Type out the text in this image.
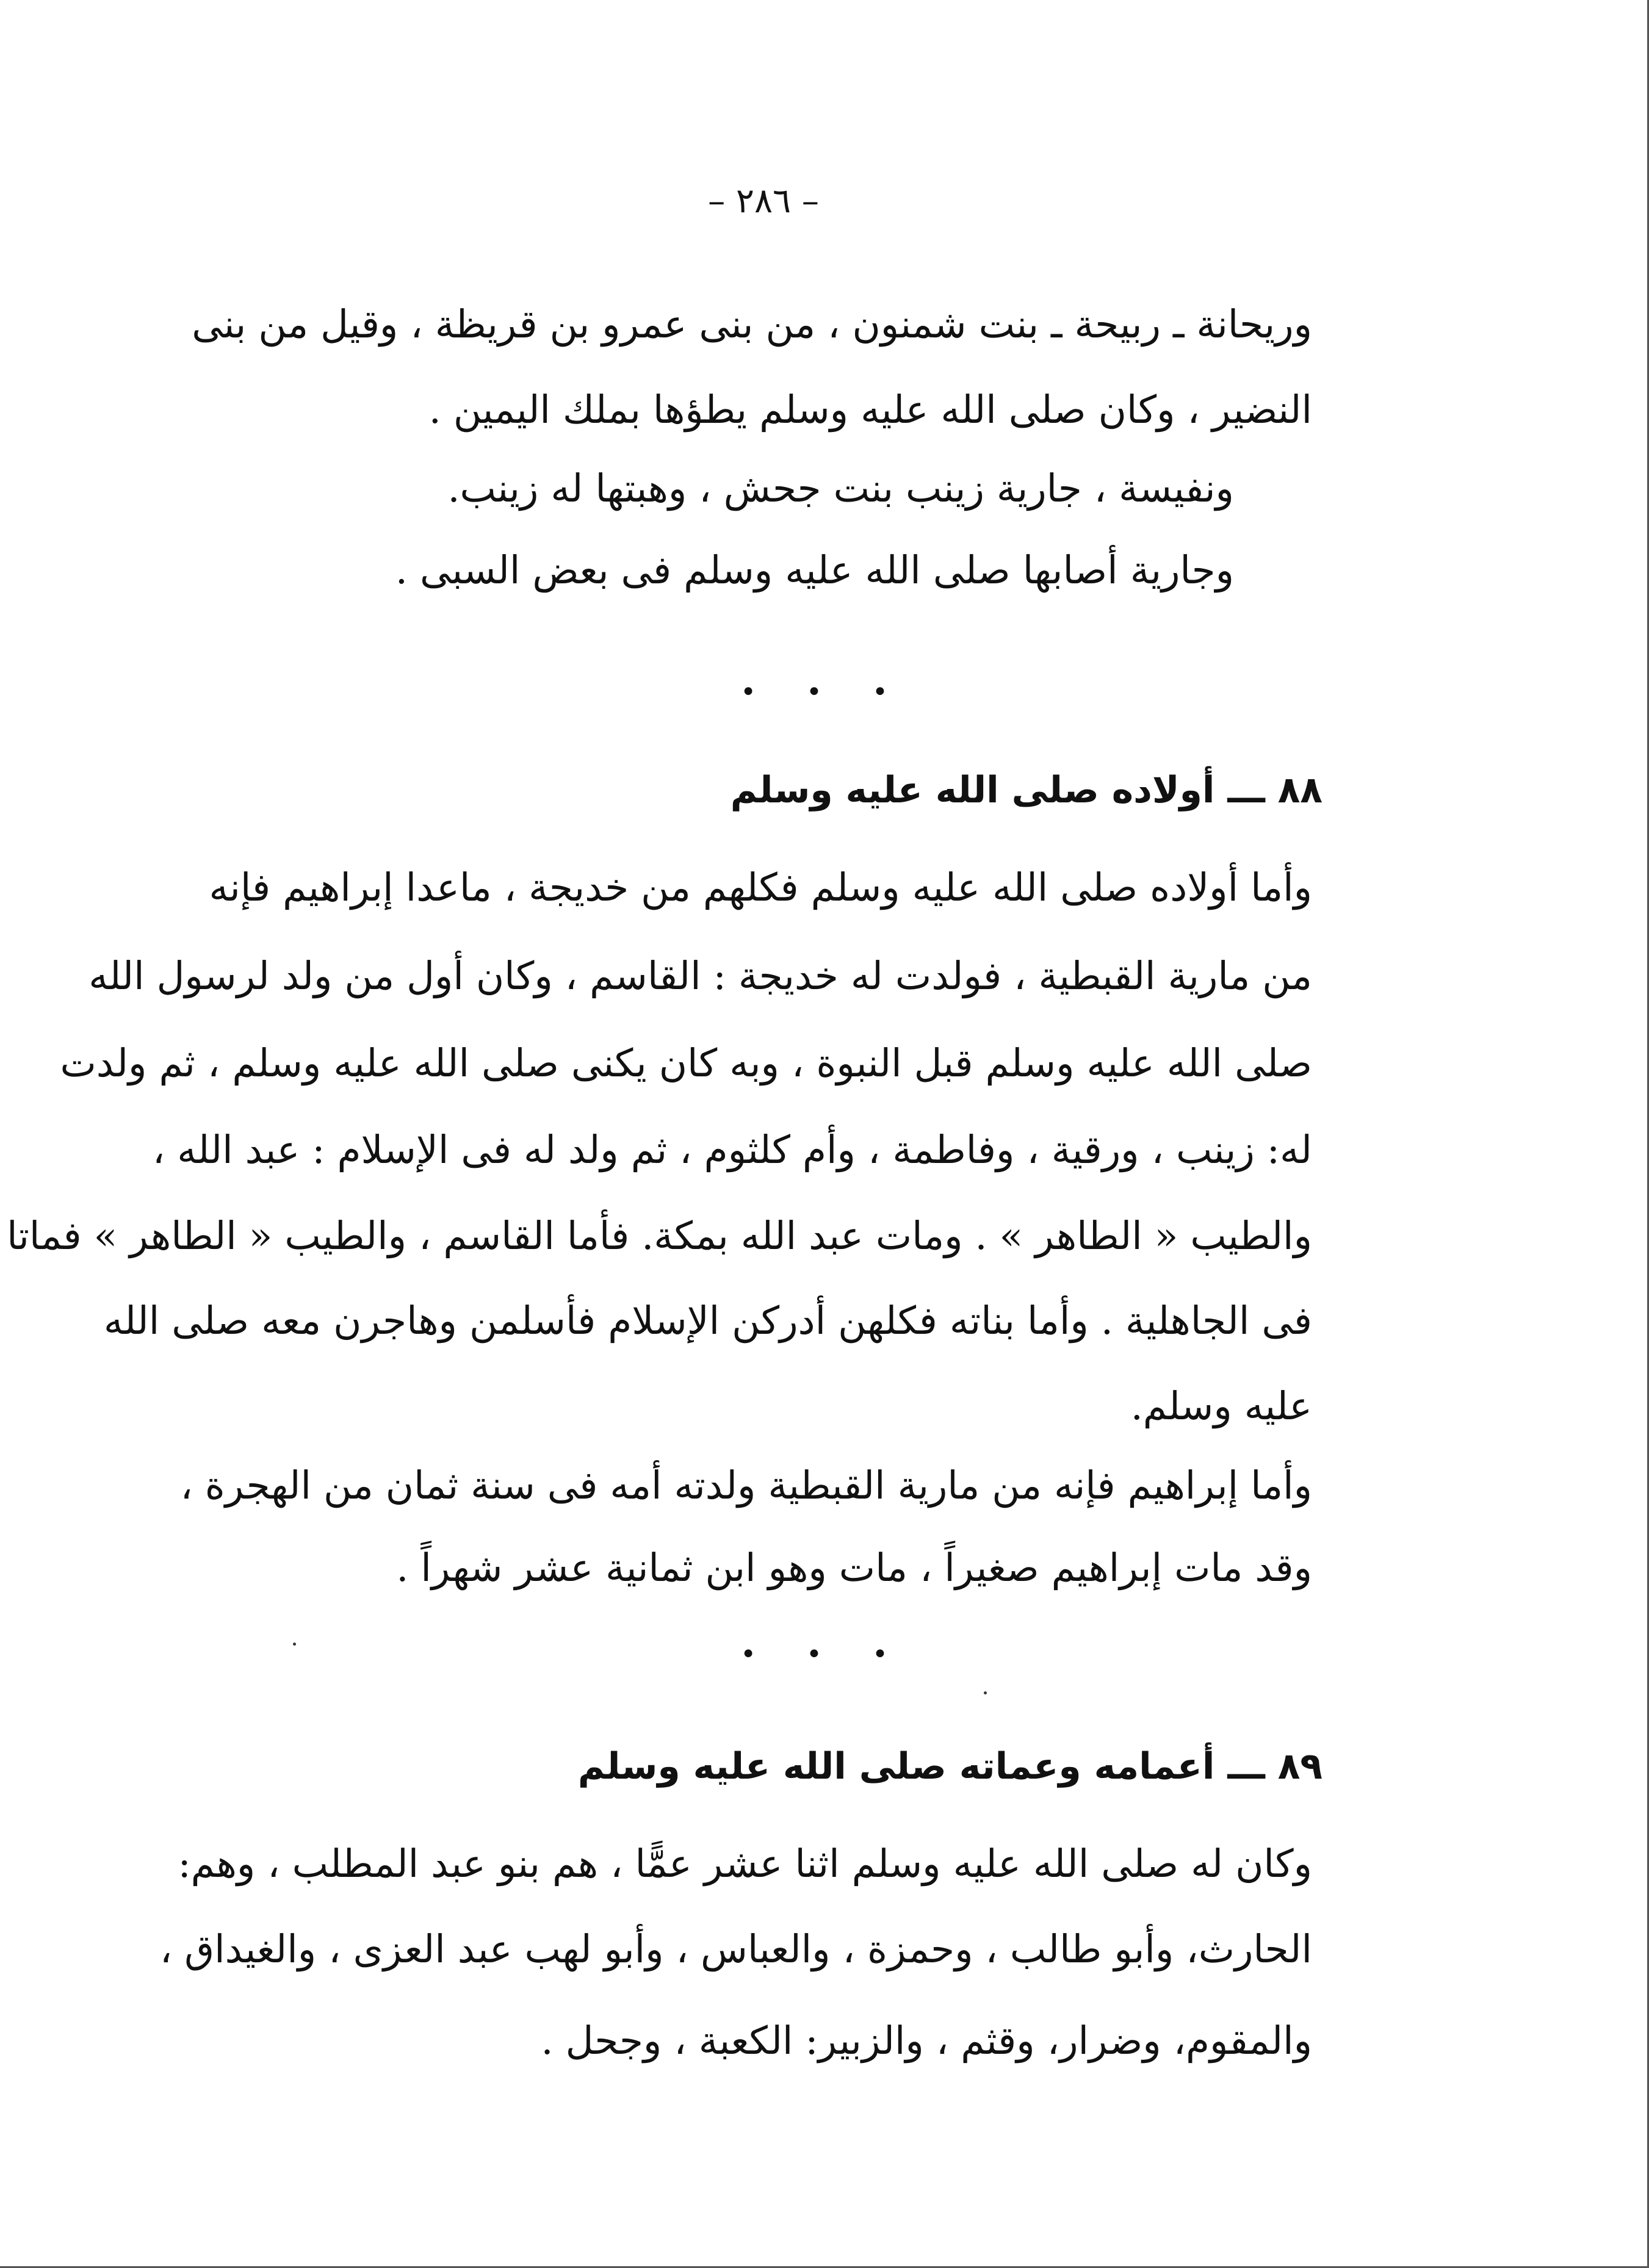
– ٢٨٦ –
وريحانة ـ ربيحة ـ بنت شمنون ، من بنى عمرو بن قريظة ، وقيل من بنى
النضير ، وكان صلى الله عليه وسلم يطؤها بملك اليمين .
ونفيسة ، جارية زينب بنت جحش ، وهبتها له زينب.
وجارية أصابها صلى الله عليه وسلم فى بعض السبى .
• • •
٨٨ ـــ أولاده صلى الله عليه وسلم
وأما أولاده صلى الله عليه وسلم فكلهم من خديجة ، ماعدا إبراهيم فإنه
من مارية القبطية ، فولدت له خديجة : القاسم ، وكان أول من ولد لرسول الله
صلى الله عليه وسلم قبل النبوة ، وبه كان يكنى صلى الله عليه وسلم ، ثم ولدت
له: زينب ، ورقية ، وفاطمة ، وأم كلثوم ، ثم ولد له فى الإسلام : عبد الله ،
والطيب « الطاهر » . ومات عبد الله بمكة. فأما القاسم ، والطيب « الطاهر » فماتا
فى الجاهلية . وأما بناته فكلهن أدركن الإسلام فأسلمن وهاجرن معه صلى الله
عليه وسلم.
وأما إبراهيم فإنه من مارية القبطية ولدته أمه فى سنة ثمان من الهجرة ،
وقد مات إبراهيم صغيراً ، مات وهو ابن ثمانية عشر شهراً .
• • •
٨٩ ـــ أعمامه وعماته صلى الله عليه وسلم
وكان له صلى الله عليه وسلم اثنا عشر عمًّا ، هم بنو عبد المطلب ، وهم:
الحارث، وأبو طالب ، وحمزة ، والعباس ، وأبو لهب عبد العزى ، والغيداق ،
والمقوم، وضرار، وقثم ، والزبير: الكعبة ، وجحل .
